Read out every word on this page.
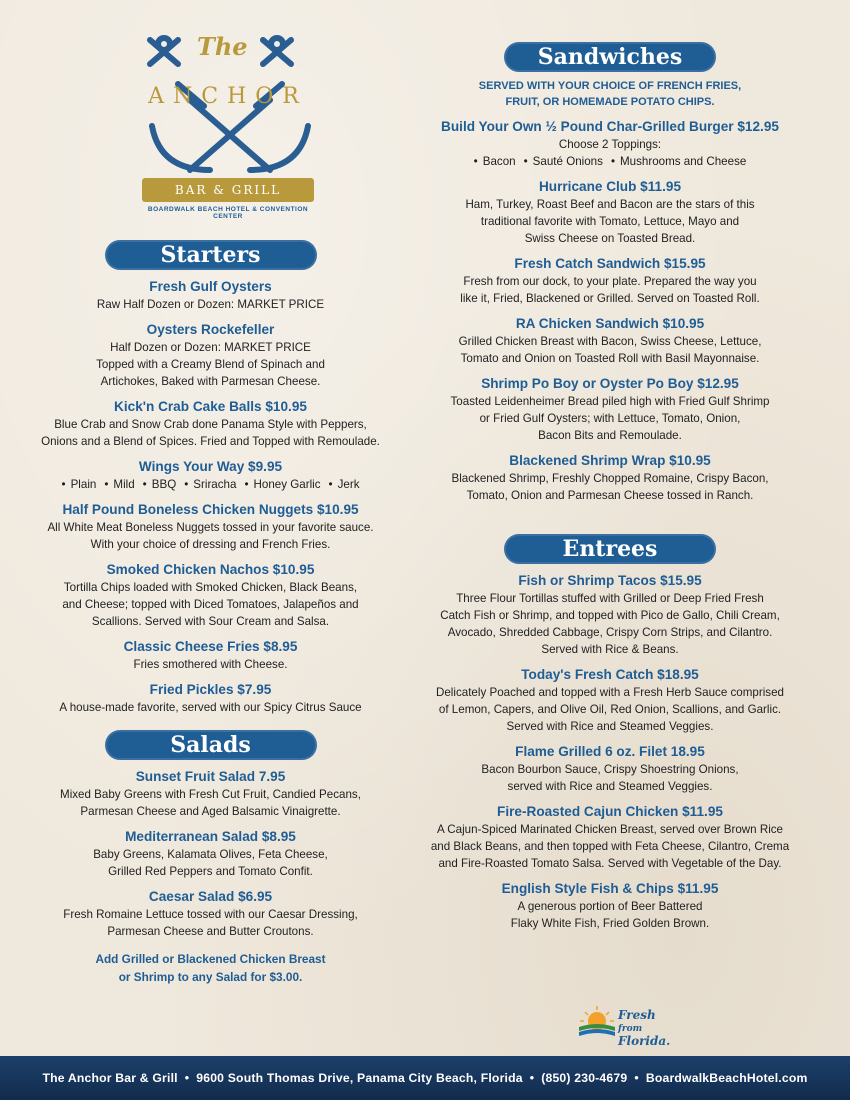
The
ANCHOR
BAR & GRILL
BOARDWALK BEACH HOTEL & CONVENTION CENTER
Starters
Fresh Gulf Oysters
Raw Half Dozen or Dozen: MARKET PRICE
Oysters Rockefeller
Half Dozen or Dozen: MARKET PRICE
Topped with a Creamy Blend of Spinach and
Artichokes, Baked with Parmesan Cheese.
Kick'n Crab Cake Balls $10.95
Blue Crab and Snow Crab done Panama Style with Peppers,
Onions and a Blend of Spices. Fried and Topped with Remoulade.
Wings Your Way $9.95
• Plain • Mild • BBQ • Sriracha • Honey Garlic • Jerk
Half Pound Boneless Chicken Nuggets $10.95
All White Meat Boneless Nuggets tossed in your favorite sauce.
With your choice of dressing and French Fries.
Smoked Chicken Nachos $10.95
Tortilla Chips loaded with Smoked Chicken, Black Beans,
and Cheese; topped with Diced Tomatoes, Jalapeños and
Scallions. Served with Sour Cream and Salsa.
Classic Cheese Fries $8.95
Fries smothered with Cheese.
Fried Pickles $7.95
A house-made favorite, served with our Spicy Citrus Sauce
Salads
Sunset Fruit Salad 7.95
Mixed Baby Greens with Fresh Cut Fruit, Candied Pecans,
Parmesan Cheese and Aged Balsamic Vinaigrette.
Mediterranean Salad $8.95
Baby Greens, Kalamata Olives, Feta Cheese,
Grilled Red Peppers and Tomato Confit.
Caesar Salad $6.95
Fresh Romaine Lettuce tossed with our Caesar Dressing,
Parmesan Cheese and Butter Croutons.
Add Grilled or Blackened Chicken Breast
or Shrimp to any Salad for $3.00.
Sandwiches
SERVED WITH YOUR CHOICE OF FRENCH FRIES,
FRUIT, OR HOMEMADE POTATO CHIPS.
Build Your Own ½ Pound Char-Grilled Burger $12.95
Choose 2 Toppings:
• Bacon • Sauté Onions • Mushrooms and Cheese
Hurricane Club $11.95
Ham, Turkey, Roast Beef and Bacon are the stars of this
traditional favorite with Tomato, Lettuce, Mayo and
Swiss Cheese on Toasted Bread.
Fresh Catch Sandwich $15.95
Fresh from our dock, to your plate. Prepared the way you
like it, Fried, Blackened or Grilled. Served on Toasted Roll.
RA Chicken Sandwich $10.95
Grilled Chicken Breast with Bacon, Swiss Cheese, Lettuce,
Tomato and Onion on Toasted Roll with Basil Mayonnaise.
Shrimp Po Boy or Oyster Po Boy $12.95
Toasted Leidenheimer Bread piled high with Fried Gulf Shrimp
or Fried Gulf Oysters; with Lettuce, Tomato, Onion,
Bacon Bits and Remoulade.
Blackened Shrimp Wrap $10.95
Blackened Shrimp, Freshly Chopped Romaine, Crispy Bacon,
Tomato, Onion and Parmesan Cheese tossed in Ranch.
Entrees
Fish or Shrimp Tacos $15.95
Three Flour Tortillas stuffed with Grilled or Deep Fried Fresh
Catch Fish or Shrimp, and topped with Pico de Gallo, Chili Cream,
Avocado, Shredded Cabbage, Crispy Corn Strips, and Cilantro.
Served with Rice & Beans.
Today's Fresh Catch $18.95
Delicately Poached and topped with a Fresh Herb Sauce comprised
of Lemon, Capers, and Olive Oil, Red Onion, Scallions, and Garlic.
Served with Rice and Steamed Veggies.
Flame Grilled 6 oz. Filet 18.95
Bacon Bourbon Sauce, Crispy Shoestring Onions,
served with Rice and Steamed Veggies.
Fire-Roasted Cajun Chicken $11.95
A Cajun-Spiced Marinated Chicken Breast, served over Brown Rice
and Black Beans, and then topped with Feta Cheese, Cilantro, Crema
and Fire-Roasted Tomato Salsa. Served with Vegetable of the Day.
English Style Fish & Chips $11.95
A generous portion of Beer Battered
Flaky White Fish, Fried Golden Brown.
Fresh
from
Florida.
The Anchor Bar & Grill • 9600 South Thomas Drive, Panama City Beach, Florida • (850) 230-4679 • BoardwalkBeachHotel.com
